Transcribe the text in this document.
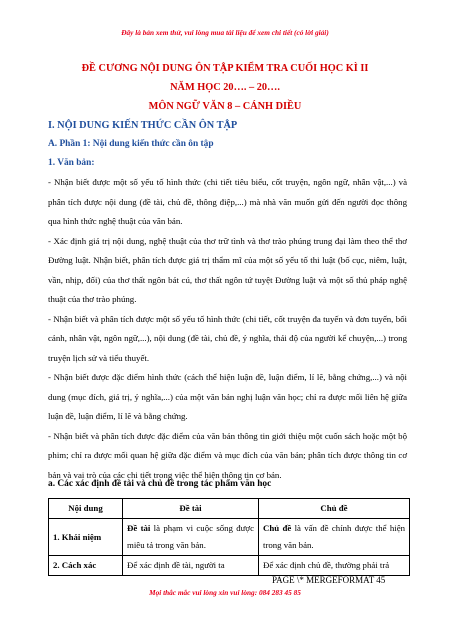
Đây là bản xem thử, vui lòng mua tài liệu để xem chi tiết (có lời giải)
ĐỀ CƯƠNG NỘI DUNG ÔN TẬP KIỂM TRA CUỐI HỌC KÌ II
NĂM HỌC 20…. – 20….
MÔN NGỮ VĂN 8 – CÁNH DIỀU
I. NỘI DUNG KIẾN THỨC CẦN ÔN TẬP
A. Phần 1: Nội dung kiến thức cần ôn tập
1. Văn bản:

- Nhận biết được một số yếu tố hình thức (chi tiết tiêu biểu, cốt truyện, ngôn ngữ, nhân vật,...) và phân tích được nội dung (đề tài, chủ đề, thông điệp,...) mà nhà văn muốn gửi đến người đọc thông qua hình thức nghệ thuật của văn bản.

- Xác định giá trị nội dung, nghệ thuật của thơ trữ tình và thơ trào phúng trung đại làm theo thể thơ Đường luật. Nhận biết, phân tích được giá trị thẩm mĩ của một số yếu tố thi luật (bố cục, niêm, luật, vần, nhịp, đối) của thơ thất ngôn bát cú, thơ thất ngôn tứ tuyệt Đường luật và một số thủ pháp nghệ thuật của thơ trào phúng.

- Nhận biết và phân tích được một số yếu tố hình thức (chi tiết, cốt truyện đa tuyến và đơn tuyến, bối cảnh, nhân vật, ngôn ngữ,...), nội dung (đề tài, chủ đề, ý nghĩa, thái độ của người kể chuyện,...) trong truyện lịch sử và tiểu thuyết.

- Nhận biết được đặc điểm hình thức (cách thể hiện luận đề, luận điểm, lí lẽ, bằng chứng,...) và nội dung (mục đích, giá trị, ý nghĩa,...) của một văn bản nghị luận văn học; chỉ ra được mối liên hệ giữa luận đề, luận điểm, lí lẽ và bằng chứng.

- Nhận biết và phân tích được đặc điểm của văn bản thông tin giới thiệu một cuốn sách hoặc một bộ phim; chỉ ra được mối quan hệ giữa đặc điểm và mục đích của văn bản; phân tích được thông tin cơ bản và vai trò của các chi tiết trong việc thể hiện thông tin cơ bản.

a. Các xác định đề tài và chủ đề trong tác phẩm văn học
Nội dung	Đề tài	Chủ đề
1. Khái niệm	Đề tài là phạm vi cuộc sống được miêu tả trong văn bản.	Chủ đề là vấn đề chính được thể hiện trong văn bản.
2. Cách xác	Để xác định đề tài, người ta	Để xác định chủ đề, thường phải trả
PAGE \* MERGEFORMAT 45
Mọi thắc mắc vui lòng xin vui lòng: 084 283 45 85
